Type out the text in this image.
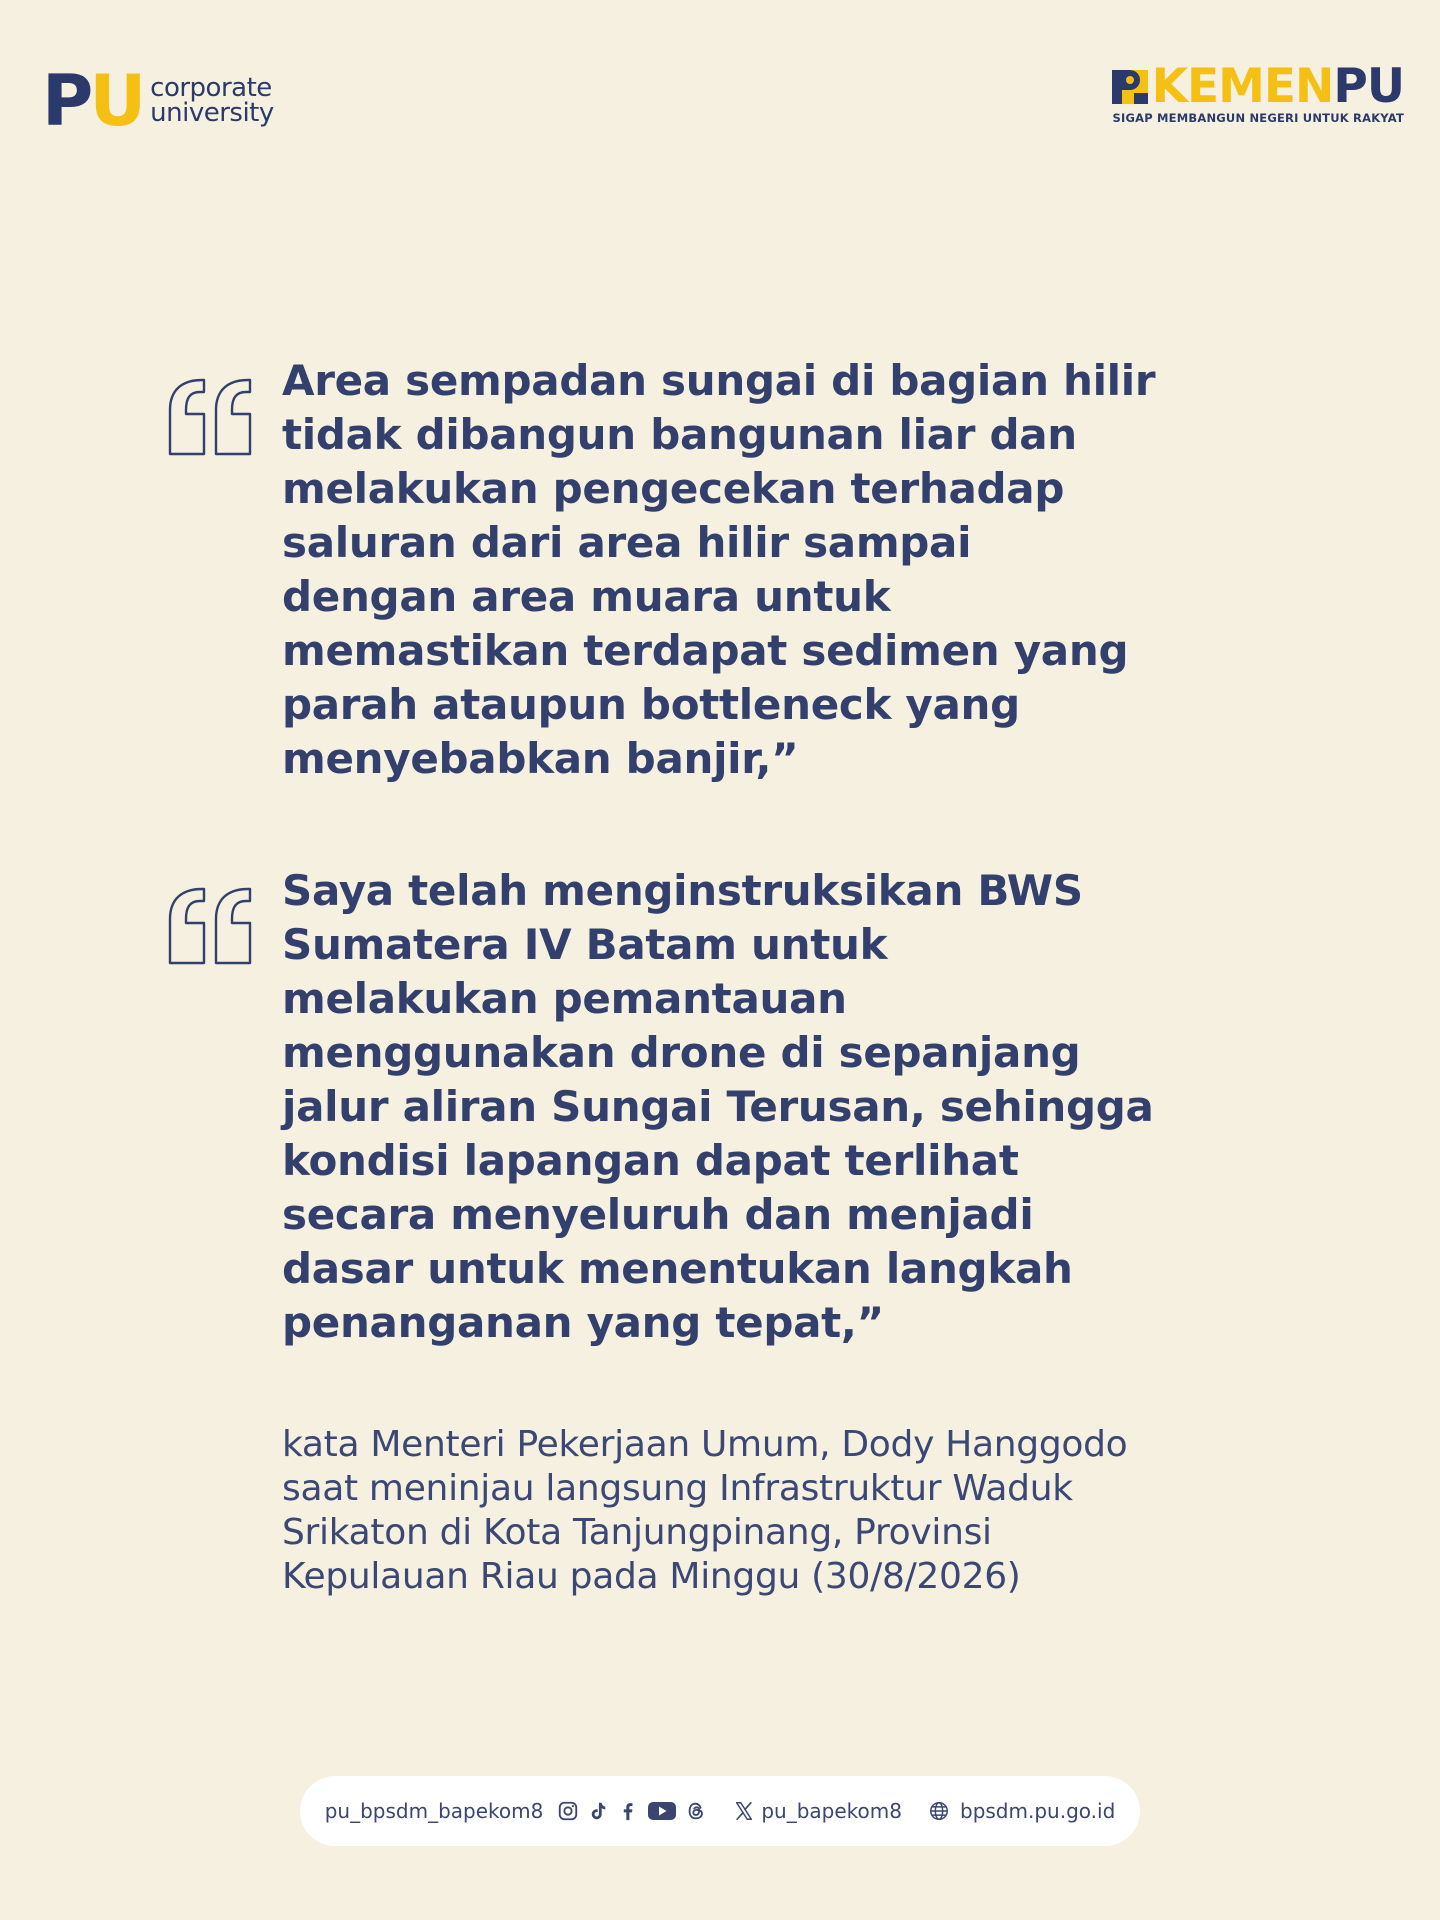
PU corporate
university	KEMENPU
SIGAP MEMBANGUN NEGERI UNTUK RAKYAT

Area sempadan sungai di bagian hilir
tidak dibangun bangunan liar dan
melakukan pengecekan terhadap
saluran dari area hilir sampai
dengan area muara untuk
memastikan terdapat sedimen yang
parah ataupun bottleneck yang
menyebabkan banjir,”

Saya telah menginstruksikan BWS
Sumatera IV Batam untuk
melakukan pemantauan
menggunakan drone di sepanjang
jalur aliran Sungai Terusan, sehingga
kondisi lapangan dapat terlihat
secara menyeluruh dan menjadi
dasar untuk menentukan langkah
penanganan yang tepat,”

kata Menteri Pekerjaan Umum, Dody Hanggodo
saat meninjau langsung Infrastruktur Waduk
Srikaton di Kota Tanjungpinang, Provinsi
Kepulauan Riau pada Minggu (30/8/2026)

pu_bpsdm_bapekom8	pu_bapekom8	bpsdm.pu.go.id
